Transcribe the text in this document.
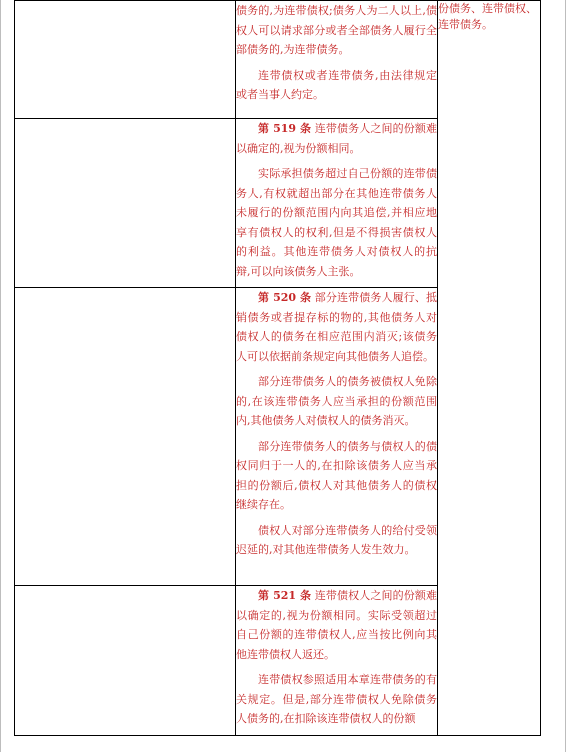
	债务的,为连带债权;债务人为二人以上,债权人可以请求部分或者全部债务人履行全部债务的,为连带债务。

连带债权或者连带债务,由法律规定或者当事人约定。	份债务、连带债权、连带债务。

	第 519 条 连带债务人之间的份额难以确定的,视为份额相同。

实际承担债务超过自己份额的连带债务人,有权就超出部分在其他连带债务人未履行的份额范围内向其追偿,并相应地享有债权人的权利,但是不得损害债权人的利益。其他连带债务人对债权人的抗辩,可以向该债务人主张。	

	第 520 条 部分连带债务人履行、抵销债务或者提存标的物的,其他债务人对债权人的债务在相应范围内消灭;该债务人可以依据前条规定向其他债务人追偿。

部分连带债务人的债务被债权人免除的,在该连带债务人应当承担的份额范围内,其他债务人对债权人的债务消灭。

部分连带债务人的债务与债权人的债权同归于一人的,在扣除该债务人应当承担的份额后,债权人对其他债务人的债权继续存在。

债权人对部分连带债务人的给付受领迟延的,对其他连带债务人发生效力。	

	第 521 条 连带债权人之间的份额难以确定的,视为份额相同。实际受领超过自己份额的连带债权人,应当按比例向其他连带债权人返还。

连带债权参照适用本章连带债务的有关规定。但是,部分连带债权人免除债务人债务的,在扣除该连带债权人的份额	
